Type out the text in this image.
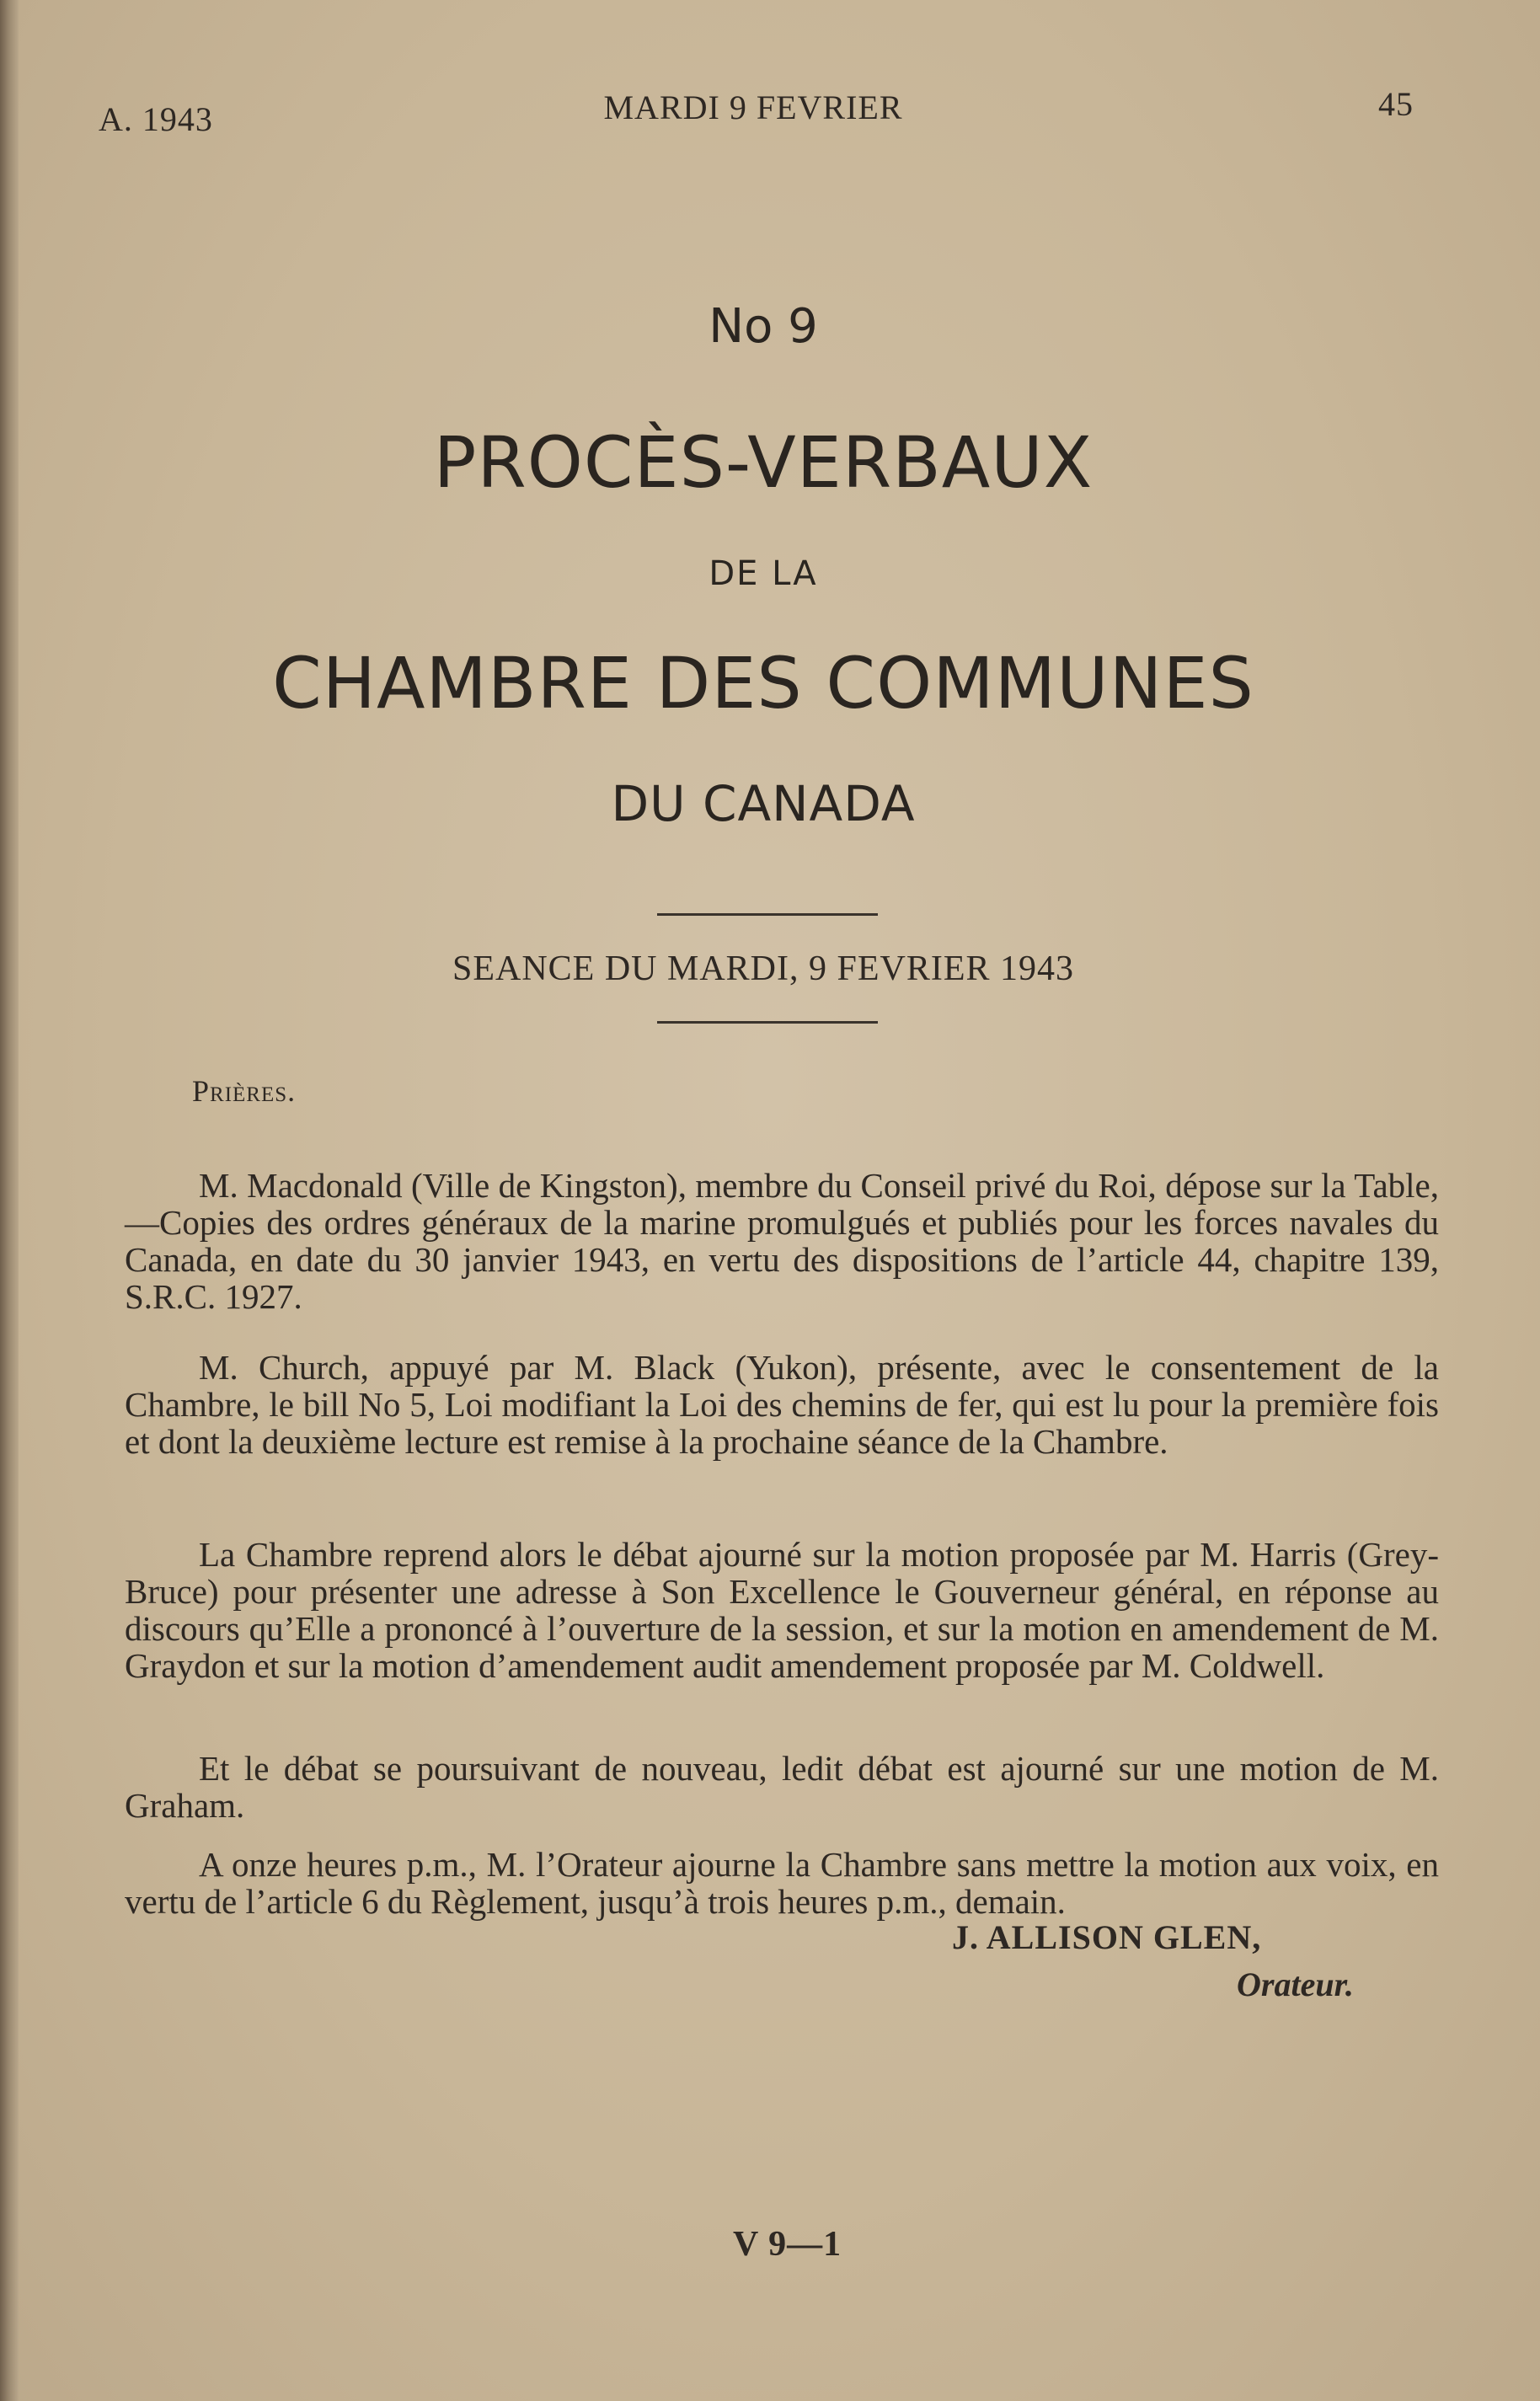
A. 1943	MARDI 9 FEVRIER	45
No 9
PROCÈS-VERBAUX
DE LA
CHAMBRE DES COMMUNES
DU CANADA
SEANCE DU MARDI, 9 FEVRIER 1943
Prières.

M. Macdonald (Ville de Kingston), membre du Conseil privé du Roi, dépose sur la Table,—Copies des ordres généraux de la marine promulgués et publiés pour les forces navales du Canada, en date du 30 janvier 1943, en vertu des dispositions de l’article 44, chapitre 139, S.R.C. 1927.

M. Church, appuyé par M. Black (Yukon), présente, avec le consentement de la Chambre, le bill No 5, Loi modifiant la Loi des chemins de fer, qui est lu pour la première fois et dont la deuxième lecture est remise à la prochaine séance de la Chambre.

La Chambre reprend alors le débat ajourné sur la motion proposée par M. Harris (Grey-Bruce) pour présenter une adresse à Son Excellence le Gouverneur général, en réponse au discours qu’Elle a prononcé à l’ouverture de la session, et sur la motion en amendement de M. Graydon et sur la motion d’amendement audit amendement proposée par M. Coldwell.

Et le débat se poursuivant de nouveau, ledit débat est ajourné sur une motion de M. Graham.

A onze heures p.m., M. l’Orateur ajourne la Chambre sans mettre la motion aux voix, en vertu de l’article 6 du Règlement, jusqu’à trois heures p.m., demain.

J. ALLISON GLEN,
Orateur.
V 9—1
